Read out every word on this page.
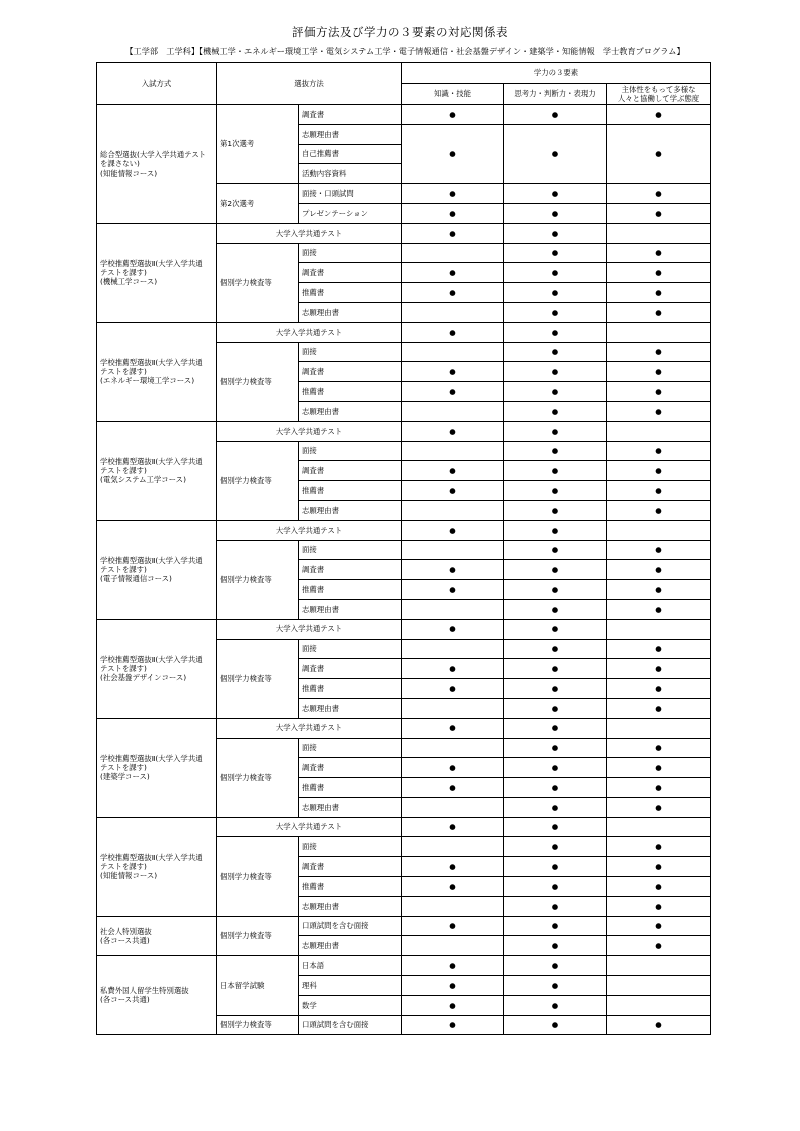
評価方法及び学力の３要素の対応関係表
【工学部　工学科】【機械工学・エネルギー環境工学・電気システム工学・電子情報通信・社会基盤デザイン・建築学・知能情報　学士教育プログラム】
入試方式	選抜方法		学力の３要素		
			知識・技能	思考力・判断力・表現力	主体性をもって多様な
人々と協働して学ぶ態度
総合型選抜(大学入学共通テスト
を課さない)
(知能情報コース)	第1次選考	調査書	●	●	●
		志願理由書	●	●	●
		自己推薦書			
		活動内容資料			
	第2次選考	面接・口頭試問	●	●	●
		プレゼンテーション	●	●	●
学校推薦型選抜Ⅱ(大学入学共通
テストを課す)
(機械工学コース)	大学入学共通テスト		●	●	
	個別学力検査等	面接		●	●
		調査書	●	●	●
		推薦書	●	●	●
		志願理由書		●	●
学校推薦型選抜Ⅱ(大学入学共通
テストを課す)
(エネルギー環境工学コース)	大学入学共通テスト		●	●	
	個別学力検査等	面接		●	●
		調査書	●	●	●
		推薦書	●	●	●
		志願理由書		●	●
学校推薦型選抜Ⅱ(大学入学共通
テストを課す)
(電気システム工学コース)	大学入学共通テスト		●	●	
	個別学力検査等	面接		●	●
		調査書	●	●	●
		推薦書	●	●	●
		志願理由書		●	●
学校推薦型選抜Ⅱ(大学入学共通
テストを課す)
(電子情報通信コース)	大学入学共通テスト		●	●	
	個別学力検査等	面接		●	●
		調査書	●	●	●
		推薦書	●	●	●
		志願理由書		●	●
学校推薦型選抜Ⅱ(大学入学共通
テストを課す)
(社会基盤デザインコース)	大学入学共通テスト		●	●	
	個別学力検査等	面接		●	●
		調査書	●	●	●
		推薦書	●	●	●
		志願理由書		●	●
学校推薦型選抜Ⅱ(大学入学共通
テストを課す)
(建築学コース)	大学入学共通テスト		●	●	
	個別学力検査等	面接		●	●
		調査書	●	●	●
		推薦書	●	●	●
		志願理由書		●	●
学校推薦型選抜Ⅱ(大学入学共通
テストを課す)
(知能情報コース)	大学入学共通テスト		●	●	
	個別学力検査等	面接		●	●
		調査書	●	●	●
		推薦書	●	●	●
		志願理由書		●	●
社会人特別選抜
(各コース共通)	個別学力検査等	口頭試問を含む面接	●	●	●
		志願理由書		●	●
私費外国人留学生特別選抜
(各コース共通)	日本留学試験	日本語	●	●	
		理科	●	●	
		数学	●	●	
	個別学力検査等	口頭試問を含む面接	●	●	●
